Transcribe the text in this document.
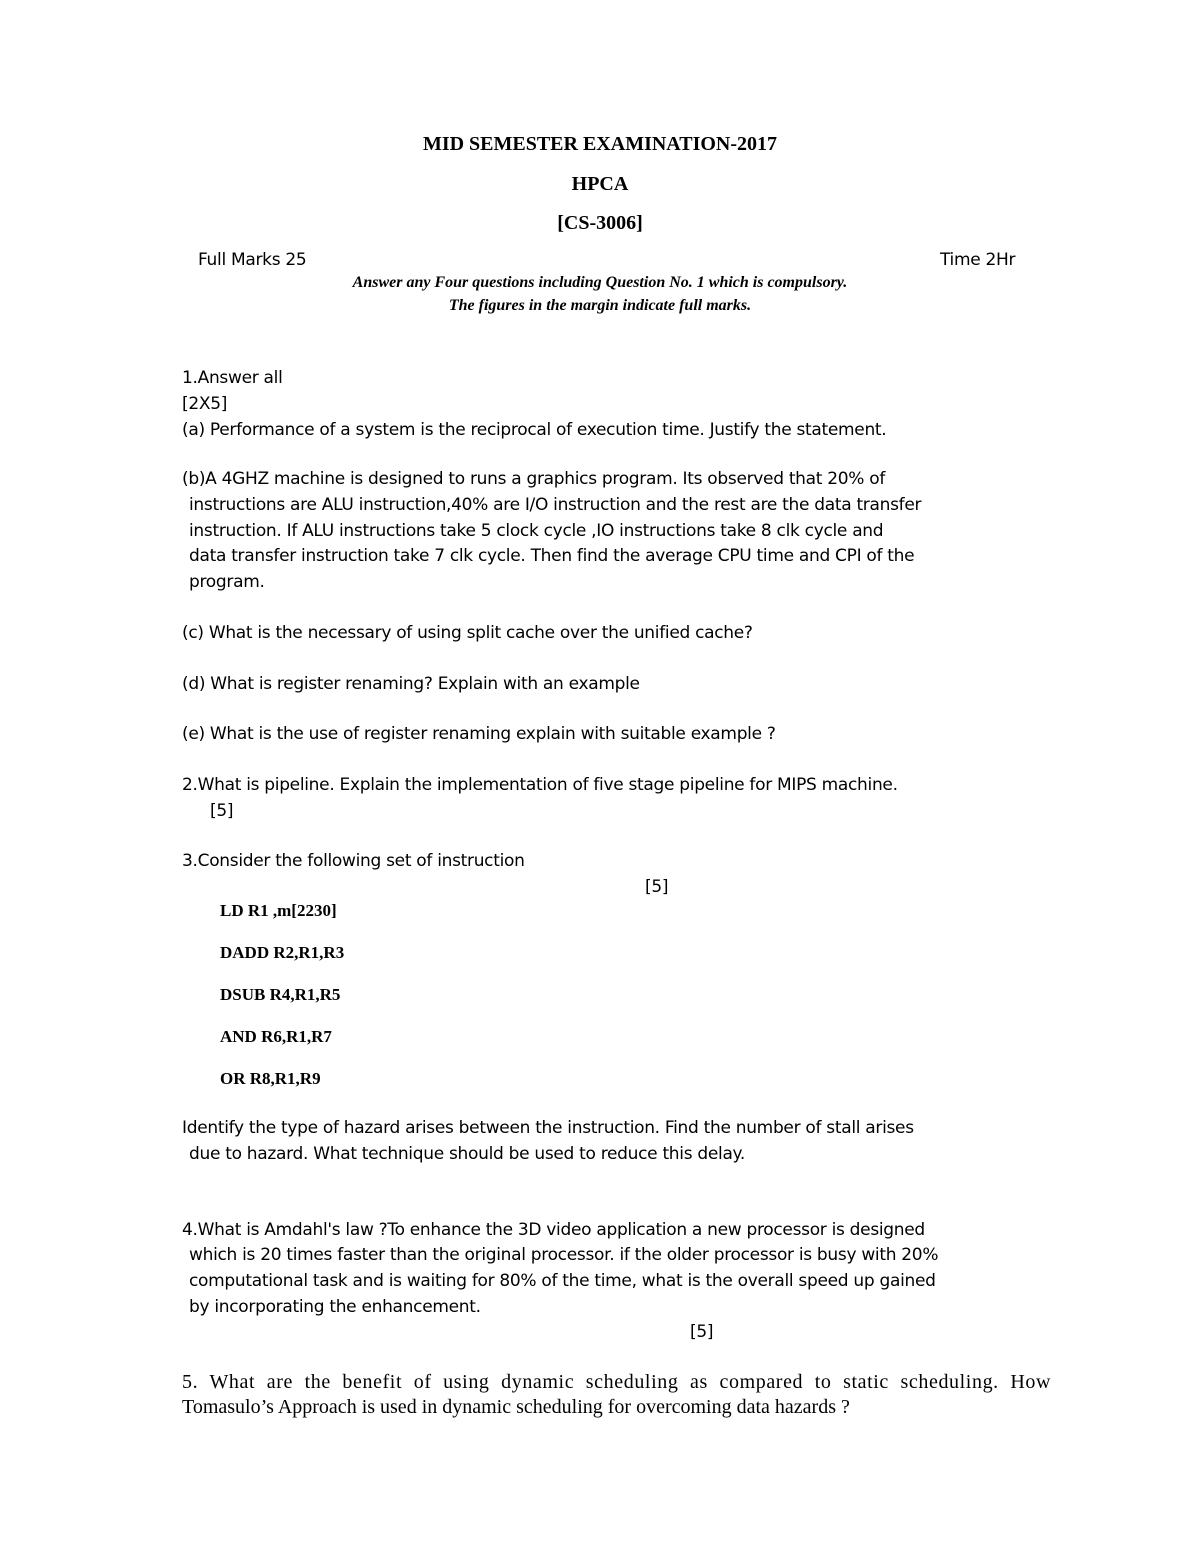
MID SEMESTER EXAMINATION-2017
HPCA
[CS-3006]
Full Marks 25	Time 2Hr
Answer any Four questions including Question No. 1 which is compulsory.
The figures in the margin indicate full marks.
1.Answer all
[2X5]
(a) Performance of a system is the reciprocal of execution time. Justify the statement.
(b)A 4GHZ machine is designed to runs a graphics program. Its observed that 20% of
instructions are ALU instruction,40% are I/O instruction and the rest are the data transfer
instruction. If ALU instructions take 5 clock cycle ,IO instructions take 8 clk cycle and
data transfer instruction take 7 clk cycle. Then find the average CPU time and CPI of the
program.
(c) What is the necessary of using split cache over the unified cache?
(d) What is register renaming? Explain with an example
(e) What is the use of register renaming explain with suitable example ?
2.What is pipeline. Explain the implementation of five stage pipeline for MIPS machine.
[5]
3.Consider the following set of instruction
[5]
LD R1 ,m[2230]
DADD R2,R1,R3
DSUB R4,R1,R5
AND R6,R1,R7
OR R8,R1,R9
Identify the type of hazard arises between the instruction. Find the number of stall arises
due to hazard. What technique should be used to reduce this delay.
4.What is Amdahl's law ?To enhance the 3D video application a new processor is designed
which is 20 times faster than the original processor. if the older processor is busy with 20%
computational task and is waiting for 80% of the time, what is the overall speed up gained
by incorporating the enhancement.
[5]
5. What are the benefit of using dynamic scheduling as compared to static scheduling. How
Tomasulo’s Approach is used in dynamic scheduling for overcoming data hazards ?
